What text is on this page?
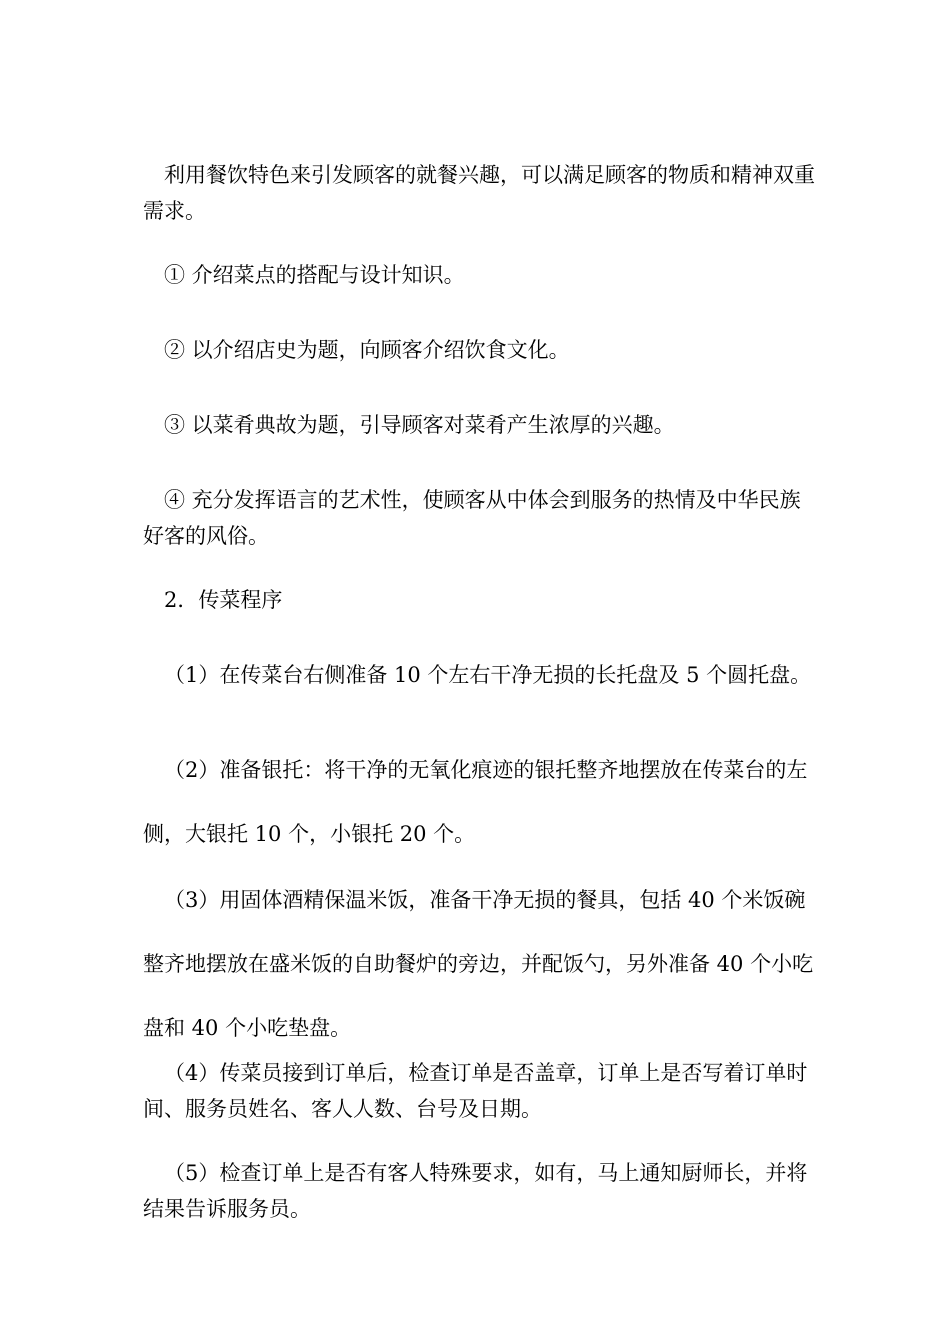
利用餐饮特色来引发顾客的就餐兴趣，可以满足顾客的物质和精神双重需求。

① 介绍菜点的搭配与设计知识。

② 以介绍店史为题，向顾客介绍饮食文化。

③ 以菜肴典故为题，引导顾客对菜肴产生浓厚的兴趣。

④ 充分发挥语言的艺术性，使顾客从中体会到服务的热情及中华民族好客的风俗。

2．传菜程序

（1）在传菜台右侧准备 10 个左右干净无损的长托盘及 5 个圆托盘。

（2）准备银托：将干净的无氧化痕迹的银托整齐地摆放在传菜台的左侧，大银托 10 个，小银托 20 个。

（3）用固体酒精保温米饭，准备干净无损的餐具，包括 40 个米饭碗整齐地摆放在盛米饭的自助餐炉的旁边，并配饭勺，另外准备 40 个小吃盘和 40 个小吃垫盘。

（4）传菜员接到订单后，检查订单是否盖章，订单上是否写着订单时间、服务员姓名、客人人数、台号及日期。

（5）检查订单上是否有客人特殊要求，如有，马上通知厨师长，并将结果告诉服务员。
